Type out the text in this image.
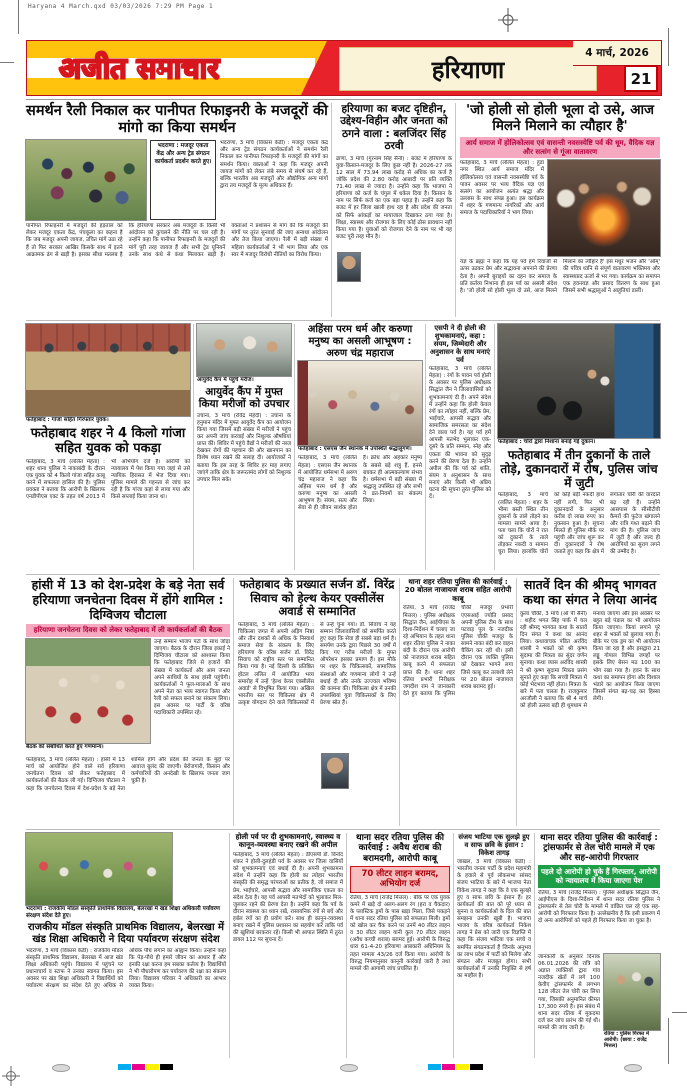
Haryana 4 March.qxd 03/03/2026 7:29 PM Page 1
अजीत समाचार	बठिंडा	हरियाणा
4 मार्च, 2026
21
समर्थन रैली निकाल कर पानीपत रिफाइनरी के मजदूरों की मांगो का किया समर्थन
भदराणा : मजदूर एकता केंद्र और अन्य ट्रेड संगठन कार्यकर्ता प्रदर्शन करते हुए।
भदराणा, 3 मार्च (विकास केडी) : मजदूर एकता केंद्र और अन्य ट्रेड संगठन कार्यकर्ताओं ने समर्थन रैली निकाल कर पानीपत रिफाइनरी के मजदूरों की मांगों का समर्थन किया। वक्ताओं ने कहा कि मजदूर अपनी जायज मांगों को लेकर लंबे समय से संघर्ष कर रहे हैं, बल्कि भारतीय अब मजदूरों और औद्योगिक अन्य मांगों द्वारा तय मजदूरों के मूल्य अधिकार हैं।
पानीपत रिफाइनरी में मजदूरों की हड़ताल को लेकर मजदूर एकता केंद्र, पंचकूला का कहना है कि जब मजदूर अपनी जायज, उचित मांगें उठा रहे हैं तो फिर सरकार आखिर किसके साथ में इतने आक्रामक ढंग से खड़ी है। इसका सीधा मतलब है कि हरियाणा सरकार अब मजदूरों के किसी भी आंदोलन को कुचलने की नीति पर चल रही है। उन्होंने कहा कि पानीपत रिफाइनरी के मजदूरों की मांगें पूरी तरह जायज हैं और सभी ट्रेड यूनियनें उनके साथ कंधे से कंधा मिलाकर खड़ी हैं। वक्ताओं ने प्रशासन से मांग की कि मजदूरों की मांगों पर तुरंत सुनवाई की जाए अन्यथा आंदोलन और तेज किया जाएगा। रैली में बड़ी संख्या में महिला कार्यकर्ताओं ने भी भाग लिया और एक स्वर में मजदूर विरोधी नीतियों का विरोध किया।
हरियाणा का बजट दृष्टिहीन, उद्देश्य-विहीन और जनता को ठगने वाला : बलजिंदर सिंह ठरवी
ढाणा, 3 मार्च (गुरनाम सिंह सैनी) : बजट में हरियाणा के युवा-किसान-मजदूर के लिए कुछ नहीं है। 2026-27 तक 12 साल में 73.94 लाख करोड़ से अधिक का कर्ज है जोकि प्रदेश की 2.80 करोड़ आबादी पर प्रति व्यक्ति 71.40 लाख से ज्यादा है। उन्होंने कहा कि भाजपा ने हरियाणा को कर्ज के चंगुल में धकेल दिया है। किसान के नाम पर सिर्फ कर्ज का एक बड़ा पहाड़ है। उन्होंने कहा कि बजट में हर जिला खाली हाथ रहा है और प्रदेश की जनता को सिर्फ आंकड़ों का मायाजाल दिखाकर ठगा गया है। शिक्षा, स्वास्थ्य और रोजगार के लिए कोई ठोस प्रावधान नहीं किया गया है। युवाओं को रोजगार देने के नाम पर भी यह बजट पूरी तरह मौन है।
'जो होली सो होली भूला दो उसे, आज मिलने मिलाने का त्यौहार है'
आर्य समाज में होलिकोत्सव एवं वासन्ती नवसस्येष्टि पर्व की धूम, वैदिक यज्ञ और सत्संग से गूंजा वातावरण
फतेहाबाद, 3 मार्च (ललित मेहता) : हुडा नगर स्थित आर्य समाज मंदिर में होलिकोत्सव एवं वासन्ती नवसस्येष्टि पर्व के पावन अवसर पर भव्य वैदिक यज्ञ एवं सत्संग का आयोजन अत्यंत श्रद्धा और उल्लास के साथ संपन्न हुआ। इस कार्यक्रम में शहर के गणमान्य नागरिकों और आर्य समाज के पदाधिकारियों ने भाग लिया।
यज्ञ के ब्रह्मा ने कहा कि यह पर्व हमें रिवाजों से ऊपर उठकर प्रेम और सद्भावना अपनाने की प्रेरणा देता है। अपनी बुराइयों का दहन कर समाज के प्रति कर्तव्य निभाना ही इस पर्व का असली संदेश है। 'जो होली सो होली भूला दो उसे, आज मिलने मिलाने का त्यौहार है' इस मधुर भजन और 'ओम्' की पवित्र ध्वनि से संपूर्ण वातावरण भक्तिमय और स्वास्थ्यप्रद ऊर्जा से भर गया। कार्यक्रम का समापन एक हवनयज्ञ और प्रसाद वितरण के साथ हुआ जिसमें सभी श्रद्धालुओं ने आहुतियां डालीं।
फतेहाबाद : गांजा सहित गिरफ्तार युवक।
फतेहाबाद शहर ने 4 किलो गांजा सहित युवक को पकड़ा
फतेहाबाद, 3 मार्च (ललित मेहता) : शहर थाना पुलिस ने नाकाबंदी के दौरान एक युवक को 4 किलो गांजा सहित काबू करने में सफलता हासिल की है। पुलिस प्रवक्ता ने बताया कि आरोपी के खिलाफ एनडीपीएस एक्ट के तहत वर्ष 2013 में भी अभियोग दर्ज है। आरोपी को न्यायालय में पेश किया गया जहां से उसे न्यायिक हिरासत में भेज दिया गया। पुलिस मामले की गहनता से जांच कर रही है कि गांजा कहां से लाया गया और किसे सप्लाई किया जाना था।
आयुर्वेद कैंप में पहुंचे मरीज।
आयुर्वेद कैंप में मुफ्त किया मरीजों को उपचार
उचाना, 3 मार्च (रविंद्र मेहंदी) : उचाना के हनुमान मंदिर में मुफ्त आयुर्वेद कैंप का आयोजन किया गया जिसमें बड़ी संख्या में मरीजों ने पहुंच कर अपनी जांच करवाई और निशुल्क औषधियां प्राप्त कीं। शिविर में पहुंचे वैद्यों ने मरीजों की नब्ज देखकर रोगों की पहचान की और खानपान का विशेष ध्यान रखने की सलाह दी। आयोजकों ने बताया कि इस तरह के शिविर हर माह लगाए जाएंगे ताकि क्षेत्र के जरूरतमंद लोगों को निशुल्क उपचार मिल सके।
अहिंसा परम धर्म और करुणा मनुष्य का असली आभूषण : अरुण चंद्र महाराज
फतेहाबाद : एसएस जैन स्थानक में उपस्थित श्रद्धालुगण।
फतेहाबाद, 3 मार्च (ललित मेहता) : एसएस जैन स्थानक में आयोजित धर्मसभा में अरुण चंद्र महाराज ने कहा कि अहिंसा परम धर्म है और करुणा मनुष्य का असली आभूषण है। संयम, सत्य और सेवा से ही जीवन सार्थक होता है। क्रोध और अहंकार मनुष्य के सबसे बड़े शत्रु हैं, इनसे बचकर ही आत्मकल्याण संभव है। धर्मसभा में बड़ी संख्या में श्रद्धालु उपस्थित रहे और सभी ने व्रत-नियमों का संकल्प लिया।
एसपी ने दी होली की शुभकामनाएं, कहा : संयम, जिम्मेदारी और अनुशासन के साथ मनाएं पर्व
फतेहाबाद, 3 मार्च (ललित मेहता) : रंगों के पावन पर्व होली के अवसर पर पुलिस अधीक्षक सिद्धांत जैन ने जिलावासियों को शुभकामनाएं दी हैं। अपने संदेश में उन्होंने कहा कि होली केवल रंगों का त्योहार नहीं, बल्कि प्रेम, भाईचारे, आपसी सद्भाव और सामाजिक समरसता का संदेश देने वाला पर्व है। यह पर्व हमें आपसी मतभेद भुलाकर एक-दूसरे के प्रति सम्मान, स्नेह और एकता की भावना को सुदृढ़ करने की प्रेरणा देता है। उन्होंने अपील की कि पर्व को शांति, संयम व अनुशासन के साथ मनाएं और किसी भी अप्रिय घटना की सूचना तुरंत पुलिस को दें।
फतेहाबाद : चोरों द्वारा निशाना बनाई गई दुकान।
फतेहाबाद में तीन दुकानों के ताले तोड़े, दुकानदारों में रोष, पुलिस जांच में जुटी
फतेहाबाद, 3 मार्च (ललित मेहता) : शहर के भीमा बस्ती स्थित तीन दुकानों के ताले तोड़ने का मामला सामने आया है। पता चला कि चोरों ने रात को दुकानों के ताले तोड़कर नकदी व सामान चुरा लिया। हालांकि चोरों को कोई बड़ी नकदी हाथ नहीं लगी, फिर भी दुकानदारों के अनुसार करीब दो लाख रुपए का नुकसान हुआ है। सूचना मिलते ही पुलिस मौके पर पहुंची और जांच शुरू कर दी। दुकानदारों ने रोष जताते हुए कहा कि क्षेत्र में लगातार चोरी की वारदातें बढ़ रही हैं। उन्होंने आसपास के सीसीटीवी कैमरों की फुटेज खंगालने और रात्रि गश्त बढ़ाने की मांग की है। पुलिस जांच में जुटी है और जल्द ही आरोपियों का सुराग लगने की उम्मीद है।
हांसी में 13 को देश-प्रदेश के बड़े नेता सर्व हरियाणा जनचेतना दिवस में होंगे शामिल : दिग्विजय चौटाला
हरियाणा जनचेतना दिवस को लेकर फतेहाबाद में ली कार्यकर्ताओं की बैठक
बैठक को संबोधित करते हुए गणमान्य।
उन्हें सम्मान भाजप पटों के साथ जोड़ा जाएगा। बैठक के दौरान जिला इकाई ने दिग्विजय चौटाला को आश्वस्त किया कि फतेहाबाद जिले से हजारों की संख्या में कार्यकर्ता और आम जनता अपने साथियों के साथ हांसी पहुंचेगी। कार्यकर्ताओं ने फूल-मालाओं के साथ अपने नेता का भव्य स्वागत किया और रैली को सफल बनाने का संकल्प लिया। इस अवसर पर पार्टी के वरिष्ठ पदाधिकारी उपस्थित रहे।
फतेहाबाद, 3 मार्च (ललित मेहता) : हांसी में 13 मार्च को आयोजित होने वाले सर्व हरियाणा जनचेतना दिवस को लेकर फतेहाबाद में कार्यकर्ताओं की बैठक ली गई। दिग्विजय चौटाला ने कहा कि जनचेतना दिवस में देश-प्रदेश के बड़े नेता शामिल होंगे और प्रदेश की जनता के मुद्दों पर आवाज बुलंद की जाएगी। बेरोजगारी, किसान और कर्मचारियों की अनदेखी के खिलाफ जनता जाग चुकी है।
फतेहाबाद के प्रख्यात सर्जन डॉ. विरेंद्र सिवाच को हेल्थ केयर एक्सीलेंस अवार्ड से सम्मानित
फतेहाबाद, 3 मार्च (ललित मेहता) : चिकित्सा जगत में अपनी अड़िग निष्ठा और तीन दशकों से अधिक के निस्वार्थ समाज सेवा के संकल्प के लिए हरियाणा के वरिष्ठ सर्जन डॉ. विरेंद्र सिवाच को राष्ट्रीय स्तर पर सम्मानित किया गया है। नई दिल्ली के प्रतिष्ठित होटल ललित में आयोजित भव्य समारोह में उन्हें 'हेल्थ केयर एक्सीलेंस अवार्ड' से विभूषित किया गया। अखिल भारतीय स्तर पर चिकित्सा क्षेत्र में उत्कृष्ट योगदान देने वाले चिकित्सकों में से उन्हें चुना गया। डॉ. सिवाच ने यह सम्मान जिलावासियों को समर्पित करते हुए कहा कि सेवा ही सबसे बड़ा धर्म है। समर्पण उनके द्वारा पिछले 30 वर्षों में किए गए गरीब मरीजों के मुफ्त ऑपरेशन इसका प्रमाण हैं। इस मौके पर शहर के चिकित्सकों, सामाजिक संस्थाओं और गणमान्य लोगों ने उन्हें बधाई दी और उनके उज्ज्वल भविष्य की कामना की। चिकित्सा क्षेत्र में उनकी उपलब्धियां युवा चिकित्सकों के लिए प्रेरणा स्रोत हैं।
थाना शहर रतिया पुलिस की कार्रवाई : 20 बोतल नाजायज शराब सहित आरोपी काबू
रतिया, 3 मार्च (राजेंद्र मित्तल) : पुलिस अधीक्षक सिद्धांत जैन, आईपीएस के दिशा-निर्देशन में चलाए जा रहे अभियान के तहत थाना शहर रतिया पुलिस ने नाका बंदी के दौरान एक आरोपी को नाजायज शराब सहित काबू करने में सफलता प्राप्त की है। थाना शहर रतिया प्रभारी निरीक्षक जगदीश राम ने जानकारी देते हुए बताया कि पुलिस चौकी मजदूर प्रभारी एएसआई ज्योति प्रसाद अपनी पुलिस टीम के साथ पटवाड़ पुल के नजदीक पुलिस चौकी मजदूर के सामने नाका बंदी कर वाहन चैकिंग कर रही थी। इसी दौरान एक व्यक्ति पुलिस को देखकर भागने लगा जिसे काबू कर तलाशी लेने पर 20 बोतल नाजायज शराब बरामद हुई।
सातवें दिन की श्रीमद् भागवत कथा का संगत ने लिया आनंद
कुलां चौकी, 3 मार्च (ओ पी सैनी) : शहीद भगत सिंह पार्क में चल रही श्रीमद् भागवत कथा के सातवें दिन संगत ने कथा का आनंद लिया। कथावाचक पंडित अरविंद शास्त्री ने भक्तों को श्री कृष्ण सुदामा की मित्रता का सुंदर वर्णन सुनाया। कथा व्यास अरविंद शास्त्री ने श्री कृष्ण सुदामा मित्रता प्रसंग सुनाते हुए कहा कि सच्ची मित्रता में कोई भेदभाव नहीं होता। मित्रता के बारे में पता चलता है। राजकुमार अरजौली ने बताया कि श्री 4 मार्च को होली उत्सव बड़ी ही धूमधाम से मनाया जाएगा और इस अवसर पर बहुत बड़े पंडाल का भी आयोजन किया जाएगा। कियां लगाने पूरे शहर से भक्तों को बुलाया गया है। बीके पर एक ड्रम का भी आयोजन किया जा रहा है और इसद्वारा 21 लड्डू गोपाल विभिन्न जगहों पर इसके लिए बेसन मठ 100 का भोग रखा गया है। हवन के साथ कथा का समापन होगा और विशाल भंडारे का आयोजन किया जाएगा जिसमें संगत बढ़-चढ़ कर हिस्सा लेगी।
भदराणा : राजकीय मॉडल संस्कृति प्राथमिक विद्यालय, बेलरखा में खंड शिक्षा अधिकारी पर्यावरण संरक्षण संदेश देते हुए।
राजकीय मॉडल संस्कृति प्राथमिक विद्यालय, बेलरखा में खंड शिक्षा अधिकारी ने दिया पर्यावरण संरक्षण संदेश
भदराणा, 3 मार्च (विकास केडी) : राजकीय मॉडल संस्कृति प्राथमिक विद्यालय, बेलरखा में आज खंड शिक्षा अधिकारी पहुंचे। विद्यालय में पहुंचने पर प्रधानाचार्य व स्टाफ ने उनका स्वागत किया। इस अवसर पर खंड शिक्षा अधिकारी ने विद्यार्थियों को पर्यावरण संरक्षण का संदेश देते हुए अधिक से अधिक पौधे लगाने का आह्वान किया। उन्होंने कहा कि पेड़-पौधे ही हमारे जीवन का आधार हैं और इनकी रक्षा करना हम सबका कर्तव्य है। विद्यार्थियों ने भी पौधारोपण कर पर्यावरण की रक्षा का संकल्प लिया। विद्यालय परिवार ने अधिकारी का आभार व्यक्त किया।
होली पर्व पर दी शुभकामनाएं, स्वास्थ्य व कानून-व्यवस्था बनाए रखने की अपील
फतेहाबाद, 3 मार्च (ललित मेहता) : डीएसपी डॉ. विनोद शंकर ने होली-दुलहंडी पर्व के अवसर पर जिला वासियों को शुभकामनाएं एवं बधाई दी है। अपनी शुभकामना संदेश में उन्होंने कहा कि होली का त्योहार भारतीय संस्कृति की समृद्ध परंपराओं का प्रतीक है, जो समाज में प्रेम, भाईचारे, आपसी सद्भाव और सामाजिक एकता का संदेश देता है। यह पर्व आपसी मतभेदों को भुलाकर मिल-जुलकर रहने की प्रेरणा देता है। उन्होंने कहा कि पर्व के दौरान स्वास्थ्य का ध्यान रखें, रासायनिक रंगों से बचें और हर्बल रंगों का ही प्रयोग करें। साथ ही कानून-व्यवस्था बनाए रखने में पुलिस प्रशासन का सहयोग करें ताकि पर्व की खुशियां बरकरार रहें। किसी भी आपात स्थिति में तुरंत डायल 112 पर सूचना दें।
थाना सदर रतिया पुलिस की कार्रवाई : अवैध शराब की बरामदगी, आरोपी काबू
70 लीटर लाहन बरामद, अभियोग दर्ज
रतिया, 3 मार्च (राजेंद्र मित्तल) : बीके पर एक युवक कमरे में खड़े दो अलग-अलग रंग (हरा व चैकदार) के प्लास्टिक ड्रमों के पास खड़ा मिला, जिसे पकड़ने में थाना सदर रतिया पुलिस को सफलता मिली। ड्रमों को खोल कर चैक करने पर उनमें 40 लीटर लाहन व 30 लीटर लाहन यानी कुल 70 लीटर लाहन (अवैध कच्ची शराब) बरामद हुई। आरोपी के विरुद्ध धारा 61-4-20 हरियाणा आबकारी अधिनियम के तहत मामला 43/26 दर्ज किया गया। आरोपी के विरुद्ध नियमानुसार कानूनी कार्रवाई जारी है तथा मामले की आगामी जांच प्रचलित है।
संजय भाटिया एक सुलझे हुए व साफ छवि के इंसान : विकेश तागड़
जाखल, 3 मार्च (विकास केडी) : भारतीय जनता पार्टी के प्रदेश महामंत्री के हवाले से पूर्व लोकसभा सांसद संजय भाटिया के बारे में भाजपा नेता विकेश तागड़ ने कहा कि वे एक सुलझे हुए व साफ छवि के इंसान हैं। हर कार्यकर्ता की बात को पूरे ध्यान से सुनना व कार्यकर्ताओं के दिल की बात समझना उनकी खूबी है। भाजपा भाजय के वरिष्ठ कार्यकर्ता निकेश तागड़ ने प्रेस को जारी एक विज्ञप्ति में कहा कि संजय भाटिया एक सच्चे व समर्पित संगठनकर्ता हैं जिनके अनुभव का लाभ प्रदेश में पार्टी को मिलेगा और संगठन और मजबूत होगा। सभी कार्यकर्ताओं में उनकी नियुक्ति से हर्ष का माहौल है।
थाना सदर रतिया पुलिस की कार्रवाई : ट्रांसफार्मर से तेल चोरी मामले में एक और सह-आरोपी गिरफ्तार
पहले दो आरोपी हो चुके हैं गिरफ्तार, आरोपी को न्यायालय में किया जाएगा पेश
रतिया, 3 मार्च (राजेंद्र मित्तल) : पुलिस अधीक्षक सिद्धांत जैन, आईपीएस के दिशा-निर्देशन में थाना सदर रतिया पुलिस ने ट्रांसफार्मर से तेल चोरी के मामले में वांछित चल रहे एक सह-आरोपी को गिरफ्तार किया है। उल्लेखनीय है कि इसी प्रकरण में दो अन्य आरोपियों को पहले ही गिरफ्तार किया जा चुका है।
जानकारी के अनुसार दिनांक 06.01.2026 की रात्रि को अज्ञात व्यक्तियों द्वारा गांव नजदीक खेतों में लगे 100 केवीए ट्रांसफार्मर से लगभग 128 लीटर तेल चोरी कर लिया गया, जिसकी अनुमानित कीमत 17,300 रुपये है। इस संबंध में थाना सदर रतिया में मुकदमा दर्ज कर जांच प्रारंभ की गई थी। मामले की जांच जारी है।
रतिया : पुलिस गिरफ्त में आरोपी। (छाया : राजेंद्र मित्तल)
